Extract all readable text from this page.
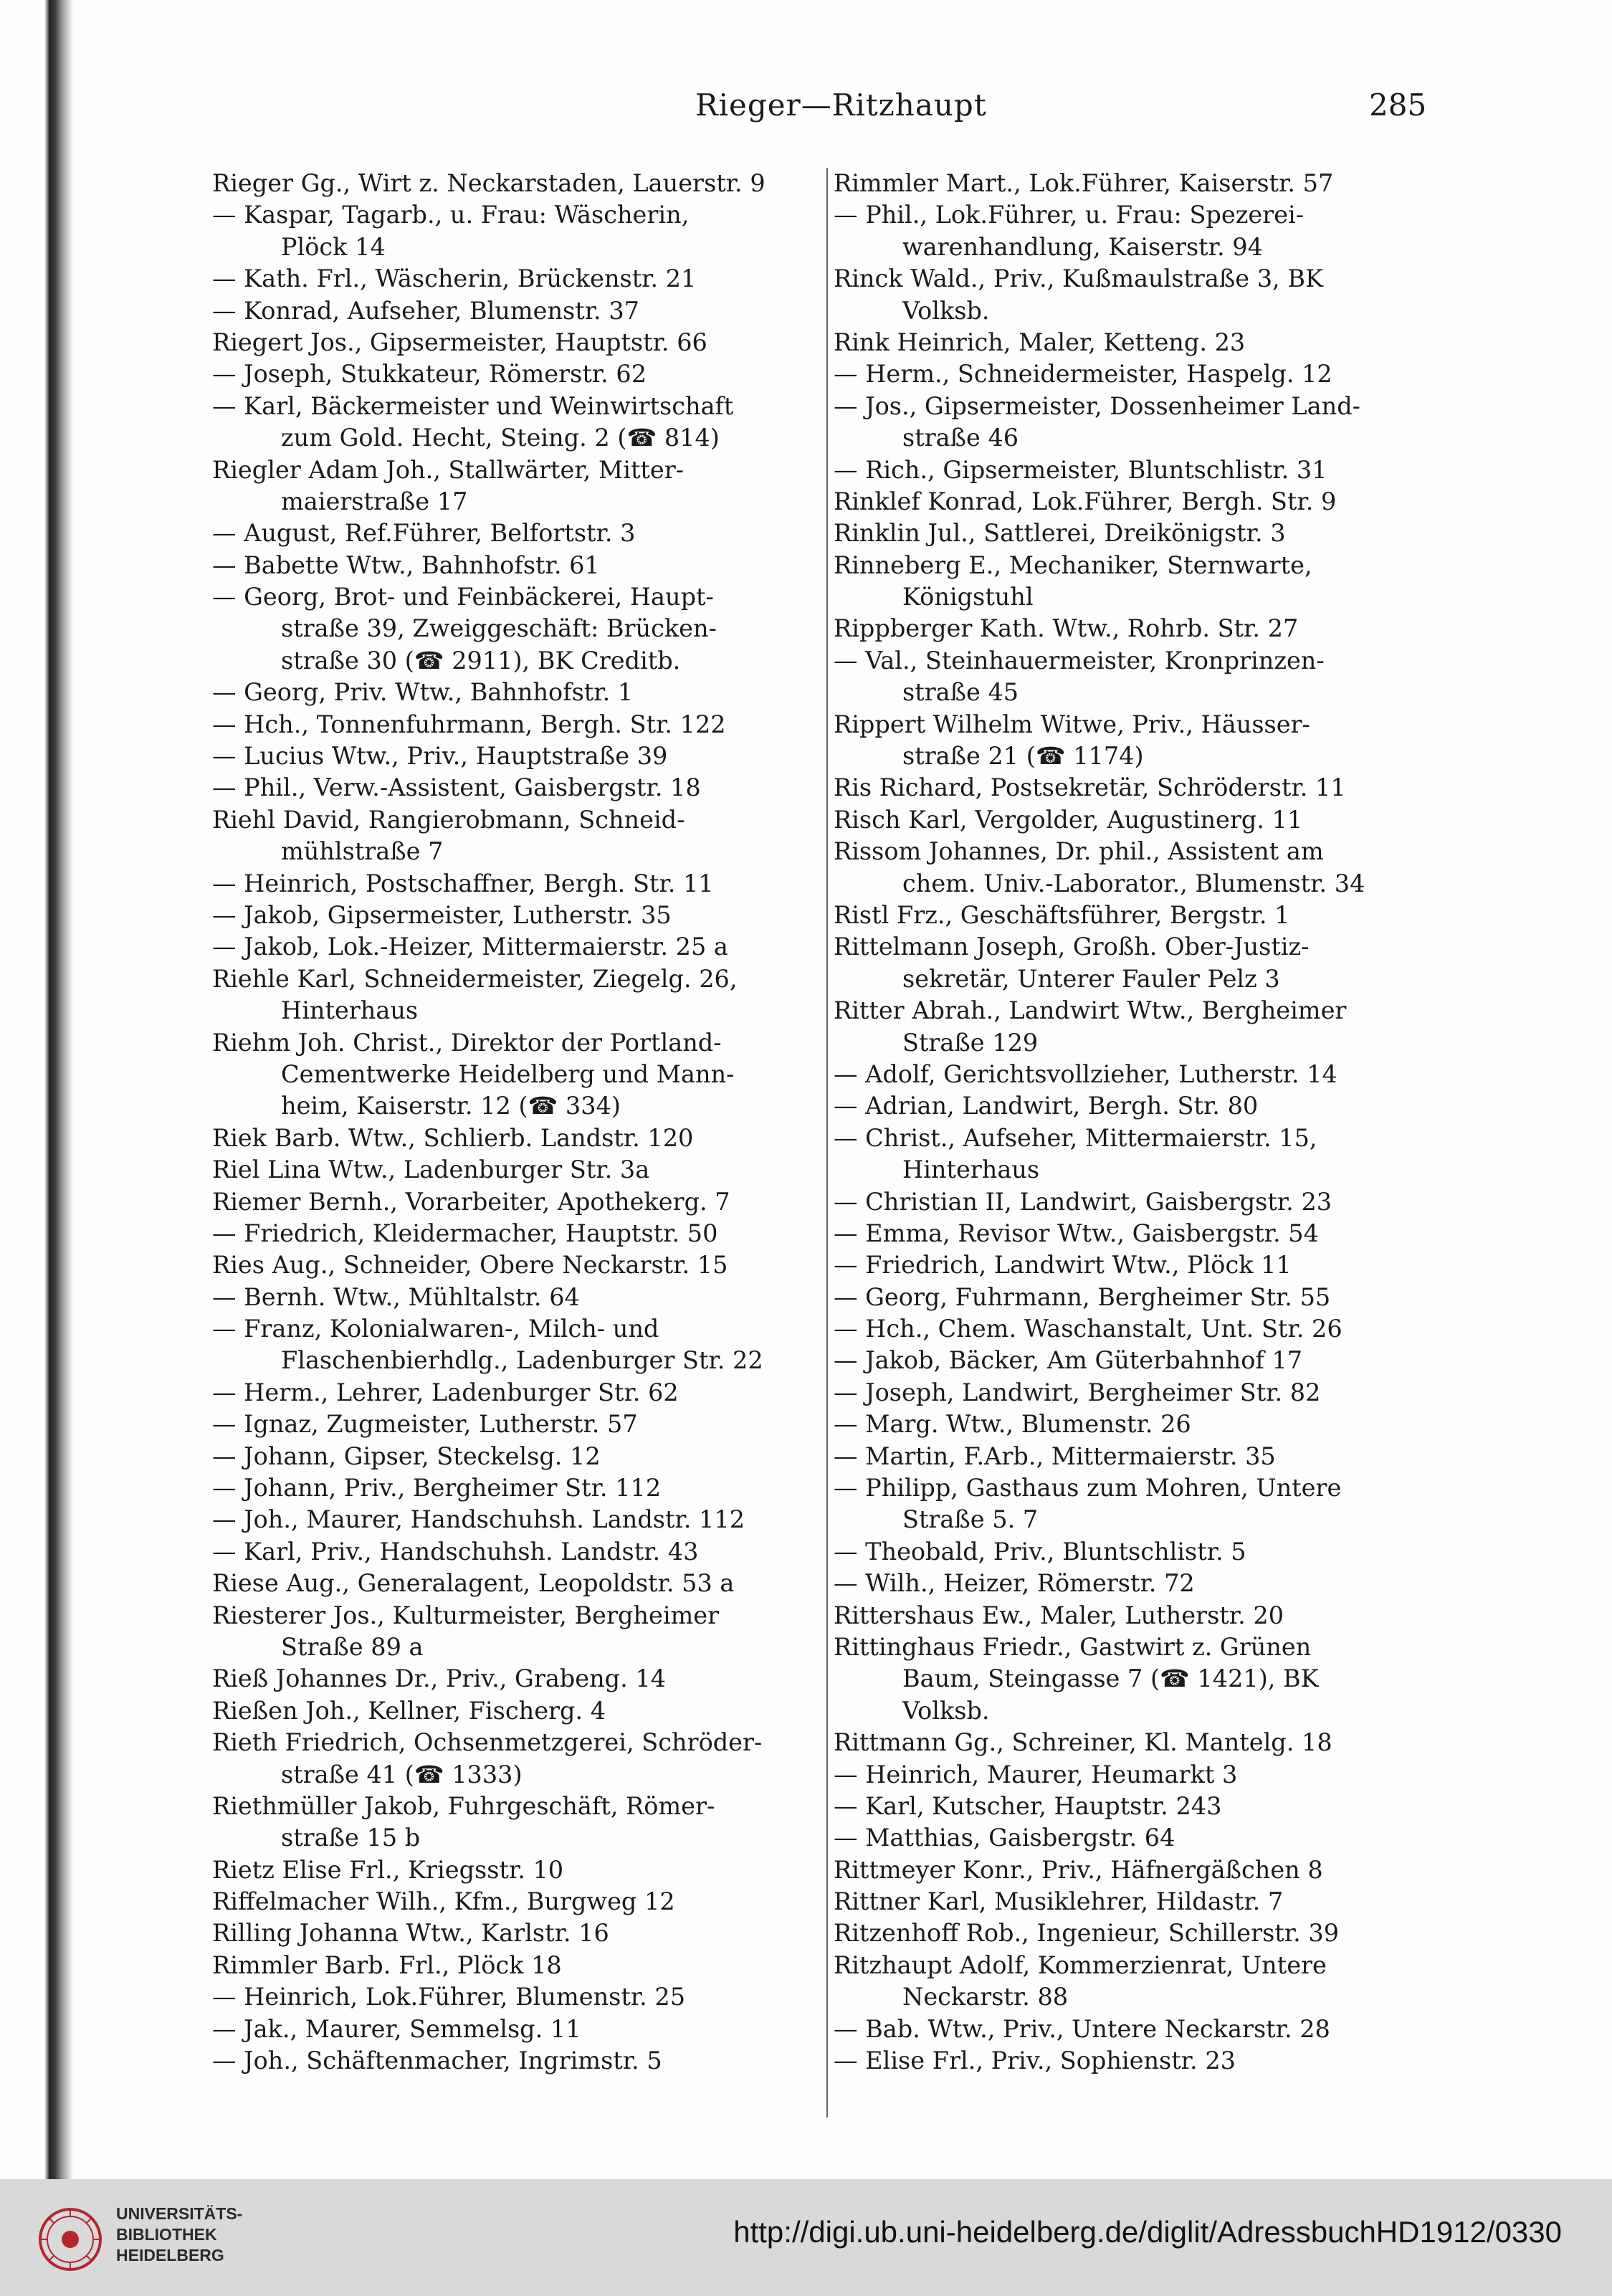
Rieger—Ritzhaupt	285
Rieger Gg., Wirt z. Neckarstaden, Lauerstr. 9
— Kaspar, Tagarb., u. Frau: Wäscherin,
Plöck 14
— Kath. Frl., Wäscherin, Brückenstr. 21
— Konrad, Aufseher, Blumenstr. 37
Riegert Jos., Gipsermeister, Hauptstr. 66
— Joseph, Stukkateur, Römerstr. 62
— Karl, Bäckermeister und Weinwirtschaft
zum Gold. Hecht, Steing. 2 (☎ 814)
Riegler Adam Joh., Stallwärter, Mitter-
maierstraße 17
— August, Ref.Führer, Belfortstr. 3
— Babette Wtw., Bahnhofstr. 61
— Georg, Brot- und Feinbäckerei, Haupt-
straße 39, Zweiggeschäft: Brücken-
straße 30 (☎ 2911), BK Creditb.
— Georg, Priv. Wtw., Bahnhofstr. 1
— Hch., Tonnenfuhrmann, Bergh. Str. 122
— Lucius Wtw., Priv., Hauptstraße 39
— Phil., Verw.-Assistent, Gaisbergstr. 18
Riehl David, Rangierobmann, Schneid-
mühlstraße 7
— Heinrich, Postschaffner, Bergh. Str. 11
— Jakob, Gipsermeister, Lutherstr. 35
— Jakob, Lok.-Heizer, Mittermaierstr. 25 a
Riehle Karl, Schneidermeister, Ziegelg. 26,
Hinterhaus
Riehm Joh. Christ., Direktor der Portland-
Cementwerke Heidelberg und Mann-
heim, Kaiserstr. 12 (☎ 334)
Riek Barb. Wtw., Schlierb. Landstr. 120
Riel Lina Wtw., Ladenburger Str. 3a
Riemer Bernh., Vorarbeiter, Apothekerg. 7
— Friedrich, Kleidermacher, Hauptstr. 50
Ries Aug., Schneider, Obere Neckarstr. 15
— Bernh. Wtw., Mühltalstr. 64
— Franz, Kolonialwaren-, Milch- und
Flaschenbierhdlg., Ladenburger Str. 22
— Herm., Lehrer, Ladenburger Str. 62
— Ignaz, Zugmeister, Lutherstr. 57
— Johann, Gipser, Steckelsg. 12
— Johann, Priv., Bergheimer Str. 112
— Joh., Maurer, Handschuhsh. Landstr. 112
— Karl, Priv., Handschuhsh. Landstr. 43
Riese Aug., Generalagent, Leopoldstr. 53 a
Riesterer Jos., Kulturmeister, Bergheimer
Straße 89 a
Rieß Johannes Dr., Priv., Grabeng. 14
Rießen Joh., Kellner, Fischerg. 4
Rieth Friedrich, Ochsenmetzgerei, Schröder-
straße 41 (☎ 1333)
Riethmüller Jakob, Fuhrgeschäft, Römer-
straße 15 b
Rietz Elise Frl., Kriegsstr. 10
Riffelmacher Wilh., Kfm., Burgweg 12
Rilling Johanna Wtw., Karlstr. 16
Rimmler Barb. Frl., Plöck 18
— Heinrich, Lok.Führer, Blumenstr. 25
— Jak., Maurer, Semmelsg. 11
— Joh., Schäftenmacher, Ingrimstr. 5
Rimmler Mart., Lok.Führer, Kaiserstr. 57
— Phil., Lok.Führer, u. Frau: Spezerei-
warenhandlung, Kaiserstr. 94
Rinck Wald., Priv., Kußmaulstraße 3, BK
Volksb.
Rink Heinrich, Maler, Ketteng. 23
— Herm., Schneidermeister, Haspelg. 12
— Jos., Gipsermeister, Dossenheimer Land-
straße 46
— Rich., Gipsermeister, Bluntschlistr. 31
Rinklef Konrad, Lok.Führer, Bergh. Str. 9
Rinklin Jul., Sattlerei, Dreikönigstr. 3
Rinneberg E., Mechaniker, Sternwarte,
Königstuhl
Rippberger Kath. Wtw., Rohrb. Str. 27
— Val., Steinhauermeister, Kronprinzen-
straße 45
Rippert Wilhelm Witwe, Priv., Häusser-
straße 21 (☎ 1174)
Ris Richard, Postsekretär, Schröderstr. 11
Risch Karl, Vergolder, Augustinerg. 11
Rissom Johannes, Dr. phil., Assistent am
chem. Univ.-Laborator., Blumenstr. 34
Ristl Frz., Geschäftsführer, Bergstr. 1
Rittelmann Joseph, Großh. Ober-Justiz-
sekretär, Unterer Fauler Pelz 3
Ritter Abrah., Landwirt Wtw., Bergheimer
Straße 129
— Adolf, Gerichtsvollzieher, Lutherstr. 14
— Adrian, Landwirt, Bergh. Str. 80
— Christ., Aufseher, Mittermaierstr. 15,
Hinterhaus
— Christian II, Landwirt, Gaisbergstr. 23
— Emma, Revisor Wtw., Gaisbergstr. 54
— Friedrich, Landwirt Wtw., Plöck 11
— Georg, Fuhrmann, Bergheimer Str. 55
— Hch., Chem. Waschanstalt, Unt. Str. 26
— Jakob, Bäcker, Am Güterbahnhof 17
— Joseph, Landwirt, Bergheimer Str. 82
— Marg. Wtw., Blumenstr. 26
— Martin, F.Arb., Mittermaierstr. 35
— Philipp, Gasthaus zum Mohren, Untere
Straße 5. 7
— Theobald, Priv., Bluntschlistr. 5
— Wilh., Heizer, Römerstr. 72
Rittershaus Ew., Maler, Lutherstr. 20
Rittinghaus Friedr., Gastwirt z. Grünen
Baum, Steingasse 7 (☎ 1421), BK
Volksb.
Rittmann Gg., Schreiner, Kl. Mantelg. 18
— Heinrich, Maurer, Heumarkt 3
— Karl, Kutscher, Hauptstr. 243
— Matthias, Gaisbergstr. 64
Rittmeyer Konr., Priv., Häfnergäßchen 8
Rittner Karl, Musiklehrer, Hildastr. 7
Ritzenhoff Rob., Ingenieur, Schillerstr. 39
Ritzhaupt Adolf, Kommerzienrat, Untere
Neckarstr. 88
— Bab. Wtw., Priv., Untere Neckarstr. 28
— Elise Frl., Priv., Sophienstr. 23
UNIVERSITÄTS-
BIBLIOTHEK
HEIDELBERG
http://digi.ub.uni-heidelberg.de/diglit/AdressbuchHD1912/0330
